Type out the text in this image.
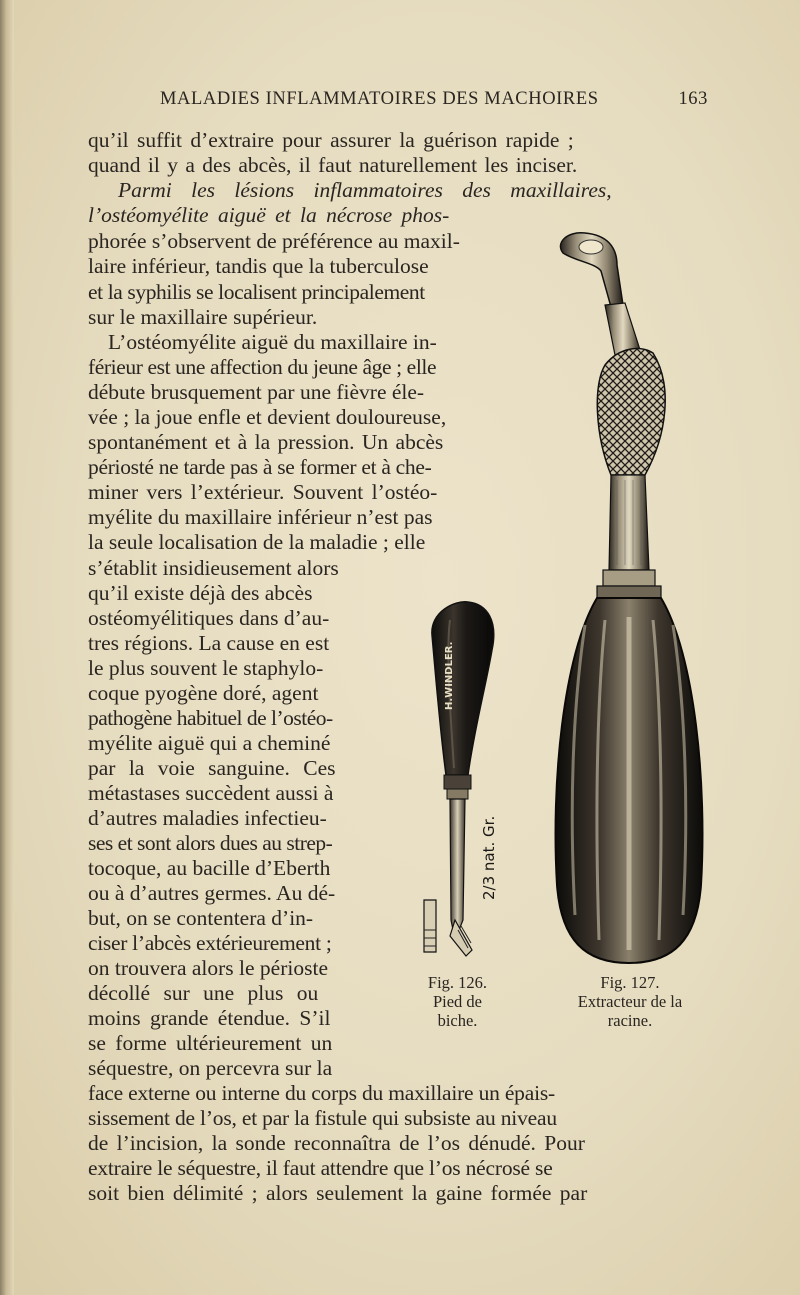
MALADIES INFLAMMATOIRES DES MACHOIRES	163
qu’il suffit d’extraire pour assurer la guérison rapide ;
quand il y a des abcès, il faut naturellement les inciser.
Parmi les lésions inflammatoires des maxillaires,
l’ostéomyélite aiguë et la nécrose phos-
phorée s’observent de préférence au maxil-
laire inférieur, tandis que la tuberculose
et la syphilis se localisent principalement
sur le maxillaire supérieur.
L’ostéomyélite aiguë du maxillaire in-
férieur est une affection du jeune âge ; elle
débute brusquement par une fièvre éle-
vée ; la joue enfle et devient douloureuse,
spontanément et à la pression. Un abcès
périosté ne tarde pas à se former et à che-
miner vers l’extérieur. Souvent l’ostéo-
myélite du maxillaire inférieur n’est pas
la seule localisation de la maladie ; elle
s’établit insidieusement alors
qu’il existe déjà des abcès
ostéomyélitiques dans d’au-
tres régions. La cause en est
le plus souvent le staphylo-
coque pyogène doré, agent
pathogène habituel de l’ostéo-
myélite aiguë qui a cheminé
par la voie sanguine. Ces
métastases succèdent aussi à
d’autres maladies infectieu-
ses et sont alors dues au strep-
tocoque, au bacille d’Eberth
ou à d’autres germes. Au dé-
but, on se contentera d’in-
ciser l’abcès extérieurement ;
on trouvera alors le périoste
décollé sur une plus ou
moins grande étendue. S’il
se forme ultérieurement un
séquestre, on percevra sur la
face externe ou interne du corps du maxillaire un épais-
sissement de l’os, et par la fistule qui subsiste au niveau
de l’incision, la sonde reconnaîtra de l’os dénudé. Pour
extraire le séquestre, il faut attendre que l’os nécrosé se
soit bien délimité ; alors seulement la gaine formée par
H.WINDLER.
2/3 nat. Gr.
Fig. 126.
Pied de
biche.
Fig. 127.
Extracteur de la
racine.
